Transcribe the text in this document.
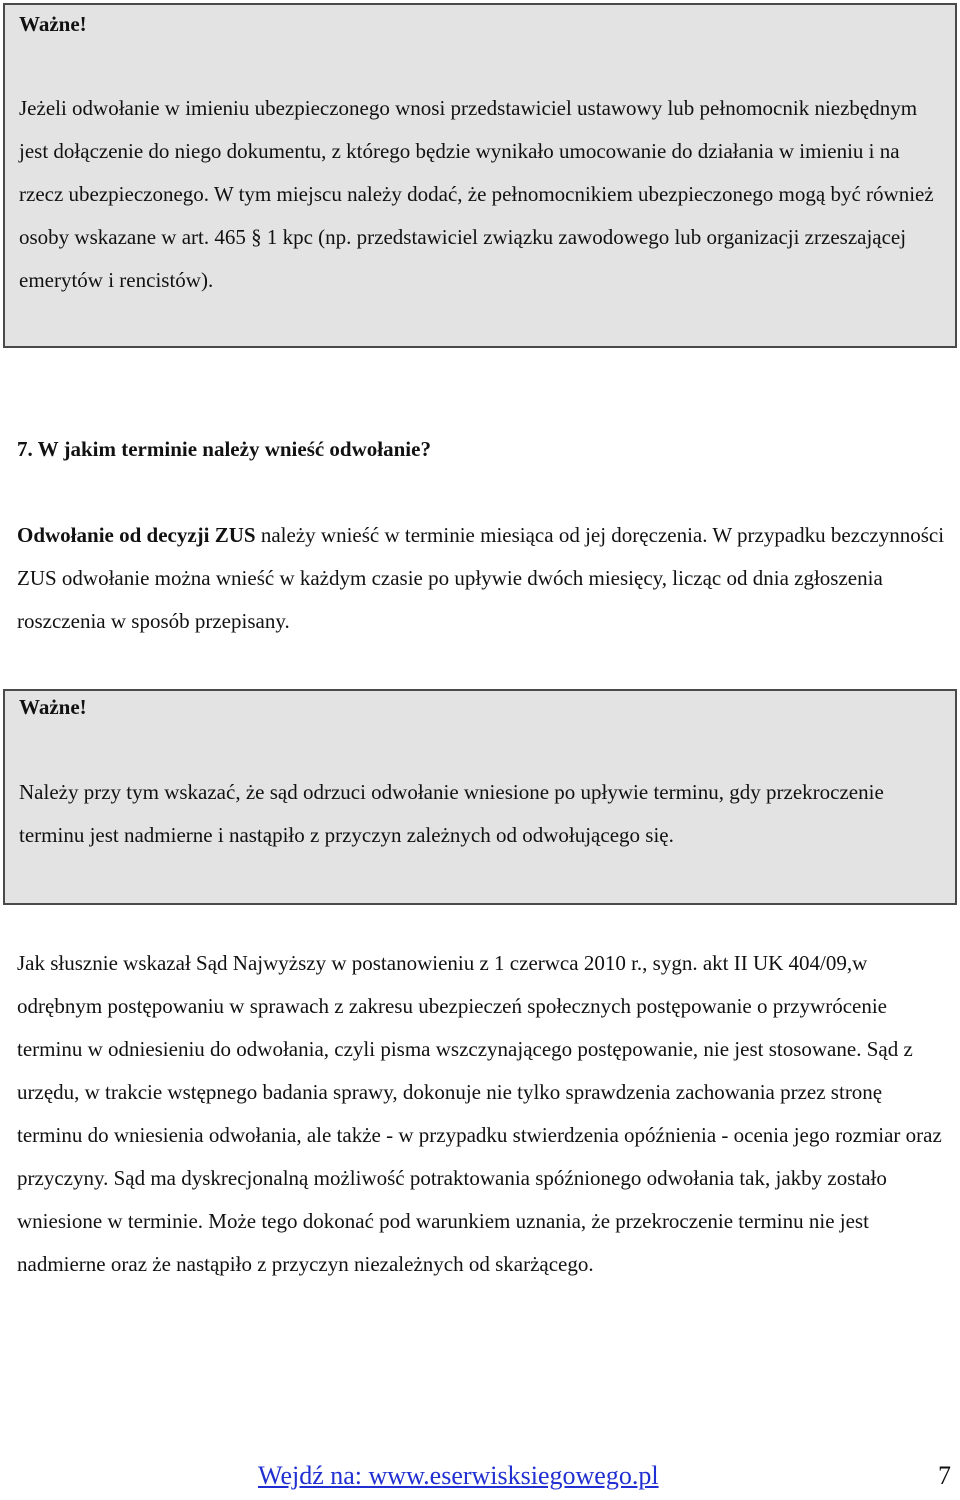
Ważne!

Jeżeli odwołanie w imieniu ubezpieczonego wnosi przedstawiciel ustawowy lub pełnomocnik niezbędnym jest dołączenie do niego dokumentu, z którego będzie wynikało umocowanie do działania w imieniu i na rzecz ubezpieczonego. W tym miejscu należy dodać, że pełnomocnikiem ubezpieczonego mogą być również osoby wskazane w art. 465 § 1 kpc (np. przedstawiciel związku zawodowego lub organizacji zrzeszającej emerytów i rencistów).

7. W jakim terminie należy wnieść odwołanie?

Odwołanie od decyzji ZUS należy wnieść w terminie miesiąca od jej doręczenia. W przypadku bezczynności ZUS odwołanie można wnieść w każdym czasie po upływie dwóch miesięcy, licząc od dnia zgłoszenia roszczenia w sposób przepisany.

Ważne!

Należy przy tym wskazać, że sąd odrzuci odwołanie wniesione po upływie terminu, gdy przekroczenie terminu jest nadmierne i nastąpiło z przyczyn zależnych od odwołującego się.

Jak słusznie wskazał Sąd Najwyższy w postanowieniu z 1 czerwca 2010 r., sygn. akt II UK 404/09,w odrębnym postępowaniu w sprawach z zakresu ubezpieczeń społecznych postępowanie o przywrócenie terminu w odniesieniu do odwołania, czyli pisma wszczynającego postępowanie, nie jest stosowane. Sąd z urzędu, w trakcie wstępnego badania sprawy, dokonuje nie tylko sprawdzenia zachowania przez stronę terminu do wniesienia odwołania, ale także - w przypadku stwierdzenia opóźnienia - ocenia jego rozmiar oraz przyczyny. Sąd ma dyskrecjonalną możliwość potraktowania spóźnionego odwołania tak, jakby zostało wniesione w terminie. Może tego dokonać pod warunkiem uznania, że przekroczenie terminu nie jest nadmierne oraz że nastąpiło z przyczyn niezależnych od skarżącego.

Wejdź na: www.eserwisksiegowego.pl	7
